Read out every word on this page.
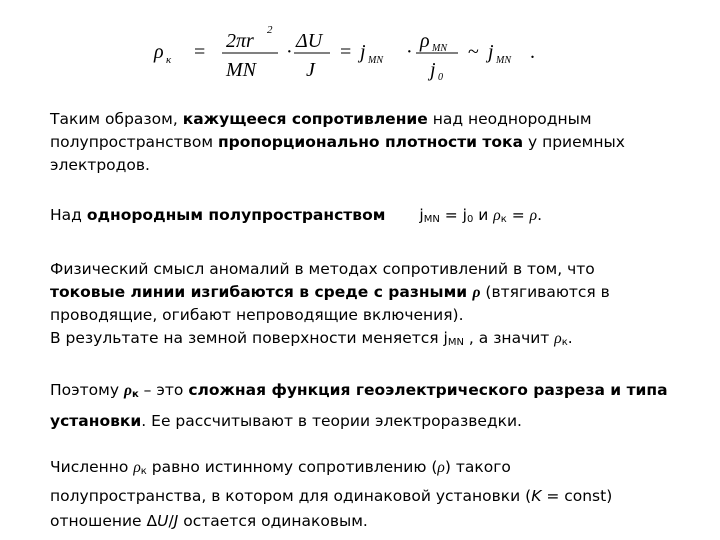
ρ к = 2πr 2
MN
· ΔU
J
= j MN · ρ MN
j 0
~ j MN .
Таким образом, кажущееся сопротивление над неоднородным
полупространством пропорционально плотности тока у приемных
электродов.
Над однородным полупространством $j_{MN} = j_0$ и $\rho_к = \rho$.
Физический смысл аномалий в методах сопротивлений в том, что
токовые линии изгибаются в среде с разными ρ (втягиваются в
проводящие, огибают непроводящие включения).
В результате на земной поверхности меняется $j_{MN}$ , а значит $\rho_к$.
Поэтому $\rho_к$ – это сложная функция геоэлектрического разреза и типа
установки. Ее рассчитывают в теории электроразведки.
Численно $\rho_к$ равно истинному сопротивлению (ρ) такого
полупространства, в котором для одинаковой установки (K = const)
отношение ΔU/J остается одинаковым.
